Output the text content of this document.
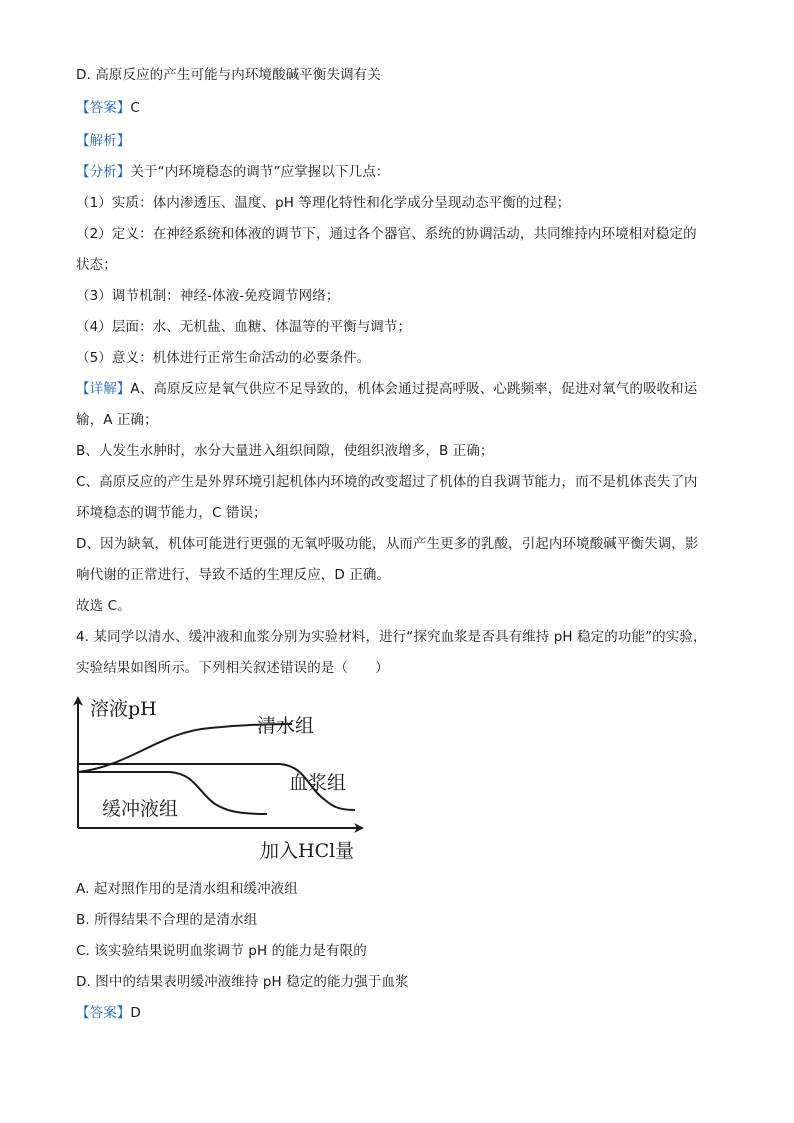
D. 高原反应的产生可能与内环境酸碱平衡失调有关
【答案】C
【解析】
【分析】关于“内环境稳态的调节”应掌握以下几点：
（1）实质：体内渗透压、温度、pH 等理化特性和化学成分呈现动态平衡的过程；
（2）定义：在神经系统和体液的调节下，通过各个器官、系统的协调活动，共同维持内环境相对稳定的
状态；
（3）调节机制：神经-体液-免疫调节网络；
（4）层面：水、无机盐、血糖、体温等的平衡与调节；
（5）意义：机体进行正常生命活动的必要条件。
【详解】A、高原反应是氧气供应不足导致的，机体会通过提高呼吸、心跳频率，促进对氧气的吸收和运
输，A 正确；
B、人发生水肿时，水分大量进入组织间隙，使组织液增多，B 正确；
C、高原反应的产生是外界环境引起机体内环境的改变超过了机体的自我调节能力，而不是机体丧失了内
环境稳态的调节能力，C 错误；
D、因为缺氧，机体可能进行更强的无氧呼吸功能，从而产生更多的乳酸，引起内环境酸碱平衡失调，影
响代谢的正常进行，导致不适的生理反应，D 正确。
故选 C。
4. 某同学以清水、缓冲液和血浆分别为实验材料，进行“探究血浆是否具有维持 pH 稳定的功能”的实验，
实验结果如图所示。下列相关叙述错误的是（　　）
溶液pH
清水组
血浆组
缓冲液组
加入HCl量
A. 起对照作用的是清水组和缓冲液组
B. 所得结果不合理的是清水组
C. 该实验结果说明血浆调节 pH 的能力是有限的
D. 图中的结果表明缓冲液维持 pH 稳定的能力强于血浆
【答案】D
